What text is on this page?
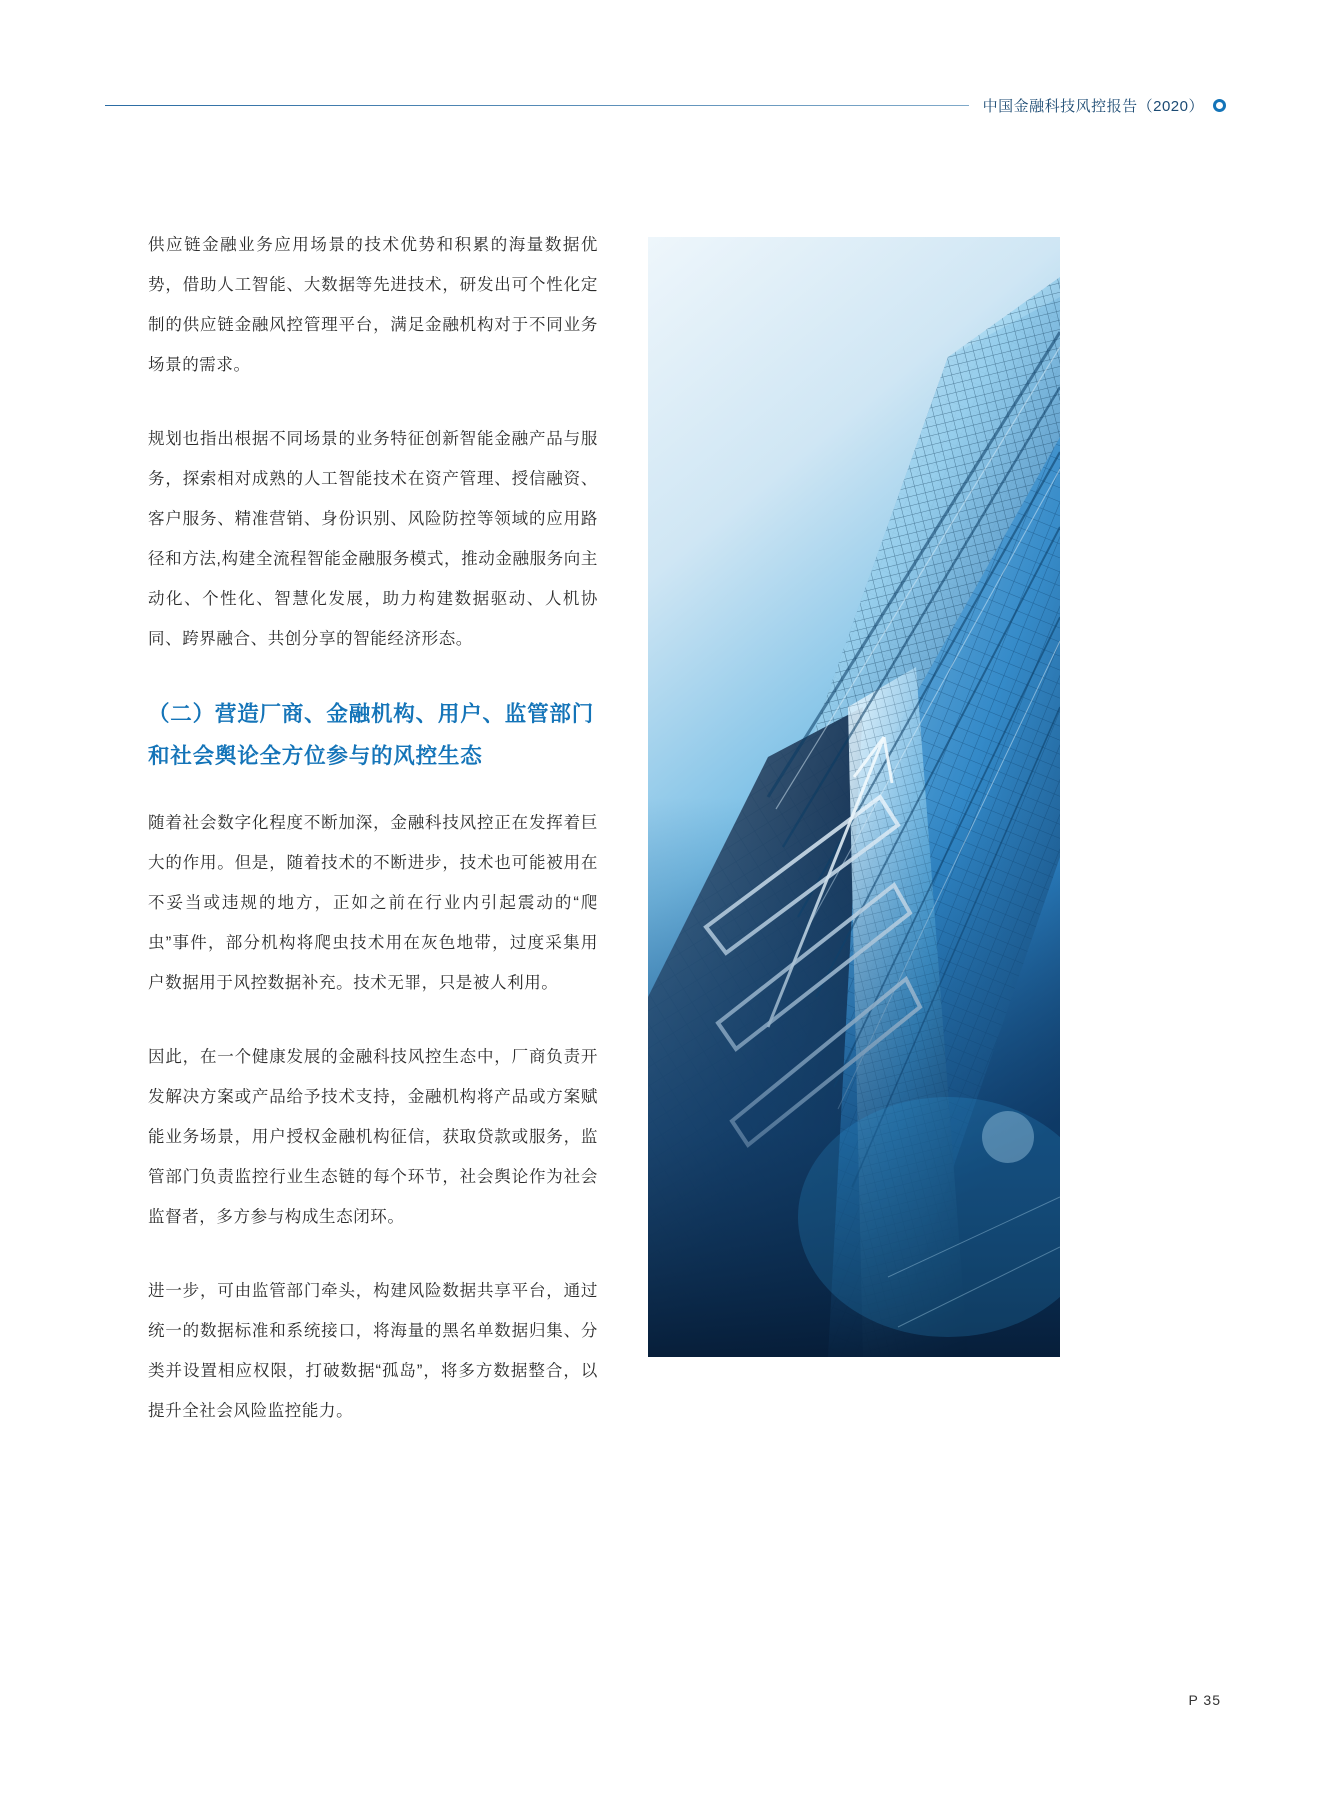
中国金融科技风控报告（2020）

供应链金融业务应用场景的技术优势和积累的海量数据优势，借助人工智能、大数据等先进技术，研发出可个性化定制的供应链金融风控管理平台，满足金融机构对于不同业务场景的需求。

规划也指出根据不同场景的业务特征创新智能金融产品与服务，探索相对成熟的人工智能技术在资产管理、授信融资、客户服务、精准营销、身份识别、风险防控等领域的应用路径和方法,构建全流程智能金融服务模式，推动金融服务向主动化、个性化、智慧化发展，助力构建数据驱动、人机协同、跨界融合、共创分享的智能经济形态。

（二）营造厂商、金融机构、用户、监管部门和社会舆论全方位参与的风控生态

随着社会数字化程度不断加深，金融科技风控正在发挥着巨大的作用。但是，随着技术的不断进步，技术也可能被用在不妥当或违规的地方，正如之前在行业内引起震动的“爬虫”事件，部分机构将爬虫技术用在灰色地带，过度采集用户数据用于风控数据补充。技术无罪，只是被人利用。

因此，在一个健康发展的金融科技风控生态中，厂商负责开发解决方案或产品给予技术支持，金融机构将产品或方案赋能业务场景，用户授权金融机构征信，获取贷款或服务，监管部门负责监控行业生态链的每个环节，社会舆论作为社会监督者，多方参与构成生态闭环。

进一步，可由监管部门牵头，构建风险数据共享平台，通过统一的数据标准和系统接口，将海量的黑名单数据归集、分类并设置相应权限，打破数据“孤岛”，将多方数据整合，以提升全社会风险监控能力。

P 35
